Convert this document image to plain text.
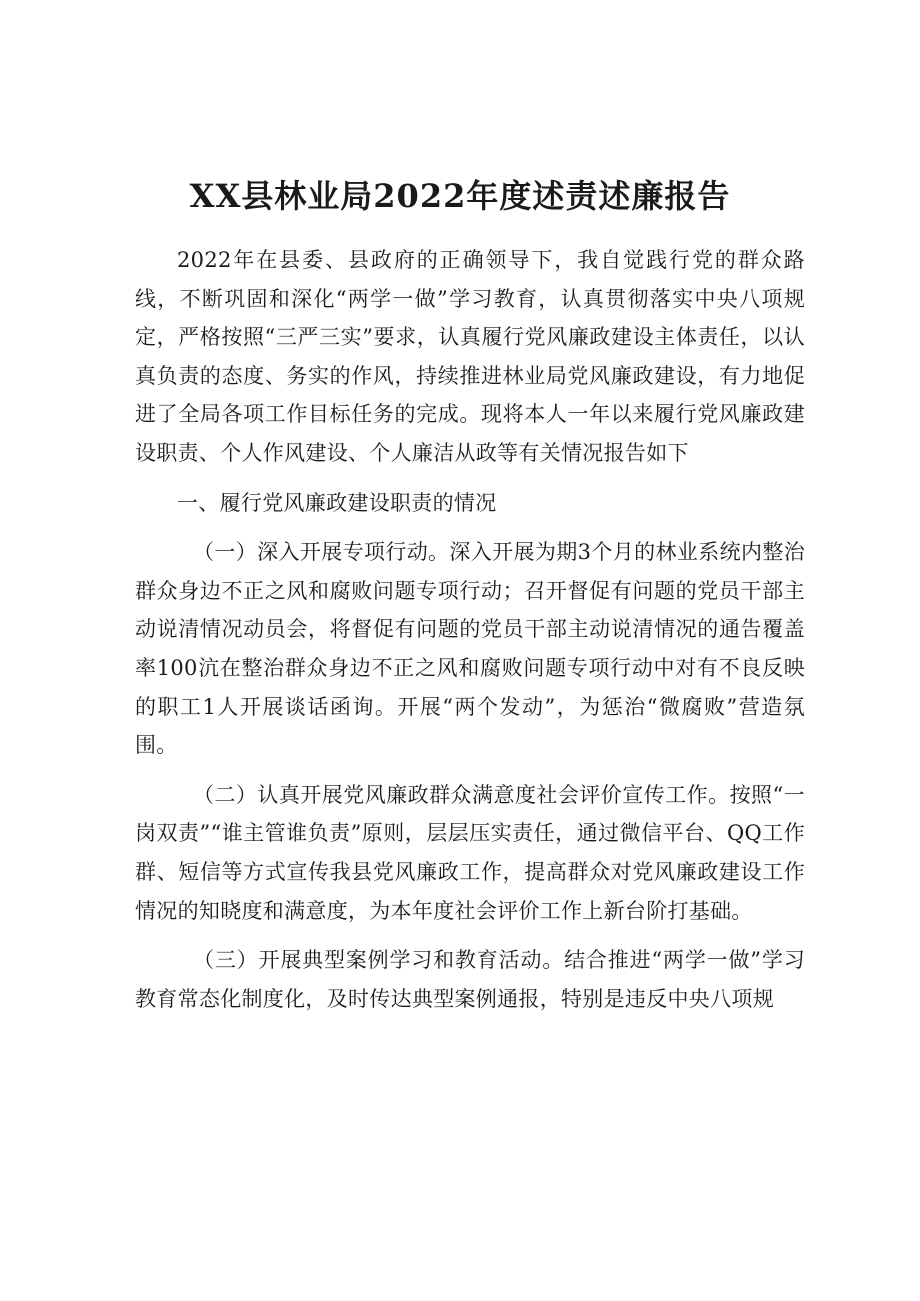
XX县林业局2022年度述责述廉报告

2022年在县委、县政府的正确领导下，我自觉践行党的群众路线，不断巩固和深化“两学一做”学习教育，认真贯彻落实中央八项规定，严格按照“三严三实”要求，认真履行党风廉政建设主体责任，以认真负责的态度、务实的作风，持续推进林业局党风廉政建设，有力地促进了全局各项工作目标任务的完成。现将本人一年以来履行党风廉政建设职责、个人作风建设、个人廉洁从政等有关情况报告如下

一、履行党风廉政建设职责的情况

（一）深入开展专项行动。深入开展为期3个月的林业系统内整治群众身边不正之风和腐败问题专项行动；召开督促有问题的党员干部主动说清情况动员会，将督促有问题的党员干部主动说清情况的通告覆盖率100沆在整治群众身边不正之风和腐败问题专项行动中对有不良反映的职工1人开展谈话函询。开展“两个发动”，为惩治“微腐败”营造氛围。

（二）认真开展党风廉政群众满意度社会评价宣传工作。按照“一岗双责”“谁主管谁负责”原则，层层压实责任，通过微信平台、QQ工作群、短信等方式宣传我县党风廉政工作，提高群众对党风廉政建设工作情况的知晓度和满意度，为本年度社会评价工作上新台阶打基础。

（三）开展典型案例学习和教育活动。结合推进“两学一做”学习教育常态化制度化，及时传达典型案例通报，特别是违反中央八项规
